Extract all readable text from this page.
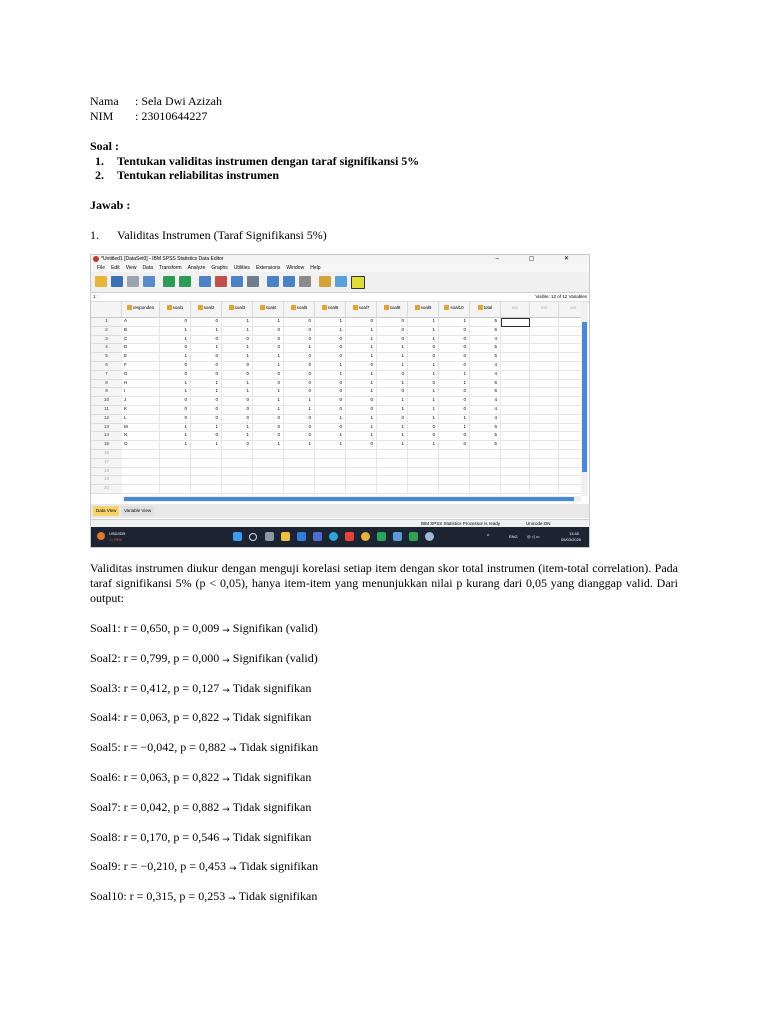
Nama : Sela Dwi Azizah
NIM : 23010644227
Soal :
1. Tentukan validitas instrumen dengan taraf signifikansi 5%
2. Tentukan reliabilitas instrumen
Jawab :
1. Validitas Instrumen (Taraf Signifikansi 5%)
*Untitled1 [DataSet0] - IBM SPSS Statistics Data Editor	– ▢ ✕
File Edit View Data Transform Analyze Graphs Utilities Extensions Window Help
1 :	Visible: 12 of 12 Variables
responden	soal1	soal2	soal3	soal4	soal5	soal6	soal7	soal8	soal9	soal10	total	var	var	var
1	A	0	0	1	1	0	1	0	0	1	1	5
2	B	1	1	1	0	0	1	1	0	1	0	6
3	C	1	0	0	0	0	0	1	0	1	0	4
4	D	0	1	1	0	1	0	1	1	0	0	5
5	E	1	0	1	1	0	0	1	1	0	0	5
6	F	0	0	0	1	0	1	0	1	1	0	4
7	G	0	0	0	0	0	1	1	0	1	1	4
8	H	1	1	1	0	0	0	1	1	0	1	6
9	I	1	1	1	1	0	0	1	0	1	0	6
10	J	0	0	0	1	1	0	0	1	1	0	4
11	K	0	0	0	1	1	0	0	1	1	0	4
12	L	0	0	0	0	0	1	1	0	1	1	4
13	M	1	1	1	0	0	0	1	1	0	1	6
14	N	1	0	1	0	0	1	1	1	0	0	5
15	O	1	1	0	1	1	1	0	1	1	0	6
16
17
18
19
20
Data View	Variable View
IBM SPSS Statistics Processor is ready	Unicode:ON
USD/IDR
-0,75%	^	ENG ◎ ◁ ▭
13:40
05/03/2025
Validitas instrumen diukur dengan menguji korelasi setiap item dengan skor total instrumen (item-total correlation). Pada taraf signifikansi 5% (p < 0,05), hanya item-item yang menunjukkan nilai p kurang dari 0,05 yang dianggap valid. Dari output:
Soal1: r = 0,650, p = 0,009 → Signifikan (valid)
Soal2: r = 0,799, p = 0,000 → Signifikan (valid)
Soal3: r = 0,412, p = 0,127 → Tidak signifikan
Soal4: r = 0,063, p = 0,822 → Tidak signifikan
Soal5: r = −0,042, p = 0,882 → Tidak signifikan
Soal6: r = 0,063, p = 0,822 → Tidak signifikan
Soal7: r = 0,042, p = 0,882 → Tidak signifikan
Soal8: r = 0,170, p = 0,546 → Tidak signifikan
Soal9: r = −0,210, p = 0,453 → Tidak signifikan
Soal10: r = 0,315, p = 0,253 → Tidak signifikan
